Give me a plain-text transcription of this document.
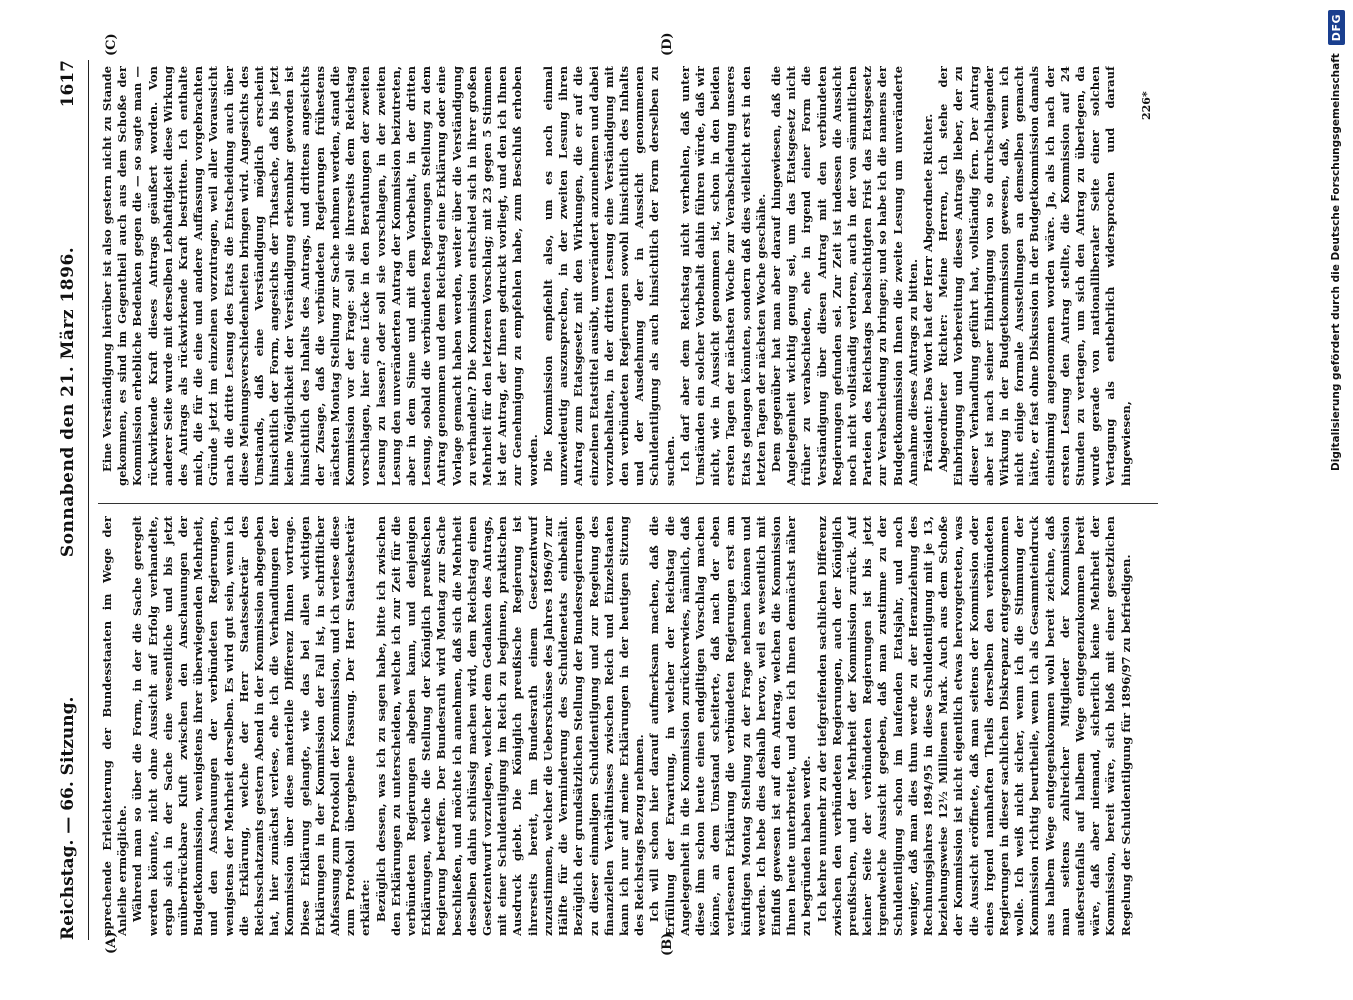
Reichstag. — 66. Sitzung.
Sonnabend den 21. März 1896.
1617
(A)	(B)
(C)	(D)

sprechende Erleichterung der Bundesstaaten im Wege der Anleihe ermögliche. Während man so über die Form, in der die Sache geregelt werden könnte, nicht ohne Aussicht auf Erfolg verhandelte, ergab sich in der Sache eine wesentliche und bis jetzt unüberbrückbare Kluft zwischen den Anschauungen der Budgetkommission, wenigstens ihrer überwiegenden Mehrheit, und den Anschauungen der verbündeten Regierungen, wenigstens der Mehrheit derselben. Es wird gut sein, wenn ich die Erklärung, welche der Herr Staatssekretär des Reichsschatzamts gestern Abend in der Kommission abgegeben hat, hier zunächst verlese, ehe ich die Verhandlungen der Kommission über diese materielle Differenz Ihnen vortrage. Diese Erklärung gelangte, wie das bei allen wichtigen Erklärungen in der Kommission der Fall ist, in schriftlicher Abfassung zum Protokoll der Kommission, und ich verlese diese zum Protokoll übergebene Fassung. Der Herr Staatssekretär erklärte: Bezüglich dessen, was ich zu sagen habe, bitte ich zwischen den Erklärungen zu unterscheiden, welche ich zur Zeit für die verbündeten Regierungen abgeben kann, und denjenigen Erklärungen, welche die Stellung der Königlich preußischen Regierung betreffen. Der Bundesrath wird Montag zur Sache beschließen, und möchte ich annehmen, daß sich die Mehrheit desselben dahin schlüssig machen wird, dem Reichstag einen Gesetzentwurf vorzulegen, welcher dem Gedanken des Antrags, mit einer Schuldentilgung im Reich zu beginnen, praktischen Ausdruck giebt. Die Königlich preußische Regierung ist ihrerseits bereit, im Bundesrath einem Gesetzentwurf zuzustimmen, welcher die Ueberschüsse des Jahres 1896/97 zur Hälfte für die Verminderung des Schuldenetats einbehält. Bezüglich der grundsätzlichen Stellung der Bundesregierungen zu dieser einmaligen Schuldentilgung und zur Regelung des finanziellen Verhältnisses zwischen Reich und Einzelstaaten kann ich nur auf meine Erklärungen in der heutigen Sitzung des Reichstags Bezug nehmen. Ich will schon hier darauf aufmerksam machen, daß die Erfüllung der Erwartung, in welcher der Reichstag die Angelegenheit in die Kommission zurückverwies, nämlich, daß diese ihm schon heute einen endgiltigen Vorschlag machen könne, an dem Umstand scheiterte, daß nach der eben verlesenen Erklärung die verbündeten Regierungen erst am künftigen Montag Stellung zu der Frage nehmen können und werden. Ich hebe dies deshalb hervor, weil es wesentlich mit Einfluß gewesen ist auf den Antrag, welchen die Kommission Ihnen heute unterbreitet, und den ich Ihnen demnächst näher zu begründen haben werde. Ich kehre nunmehr zu der tiefgreifenden sachlichen Differenz zwischen den verbündeten Regierungen, auch der Königlich preußischen, und der Mehrheit der Kommission zurück. Auf keiner Seite der verbündeten Regierungen ist bis jetzt irgendwelche Aussicht gegeben, daß man zustimme zu der Schuldentilgung schon im laufenden Etatsjahr, und noch weniger, daß man dies thun werde zu der Heranziehung des Rechnungsjahres 1894/95 in diese Schuldentilgung mit je 13, beziehungsweise 12½ Millionen Mark. Auch aus dem Schoße der Kommission ist nicht eigentlich etwas hervorgetreten, was die Aussicht eröffnete, daß man seitens der Kommission oder eines irgend namhaften Theils derselben den verbündeten Regierungen in dieser sachlichen Diskrepanz entgegenkommen wolle. Ich weiß nicht sicher, wenn ich die Stimmung der Kommission richtig beurtheile, wenn ich als Gesammteindruck aus halbem Wege entgegenkommen wohl bereit zeichne, daß man seitens zahlreicher Mitglieder der Kommission außerstenfalls auf halbem Wege entgegenzukommen bereit wäre, daß aber niemand, sicherlich keine Mehrheit der Kommission, bereit wäre, sich bloß mit einer gesetzlichen Regelung der Schuldentilgung für 1896/97 zu befriedigen.

Eine Verständigung hierüber ist also gestern nicht zu Stande gekommen, es sind im Gegentheil auch aus dem Schoße der Kommission erhebliche Bedenken gegen die — so sagte man — rückwirkende Kraft dieses Antrags geäußert worden. Von anderer Seite wurde mit derselben Lebhaftigkeit diese Wirkung des Antrags als rückwirkende Kraft bestritten. Ich enthalte mich, die für die eine und andere Auffassung vorgebrachten Gründe jetzt im einzelnen vorzutragen, weil aller Voraussicht nach die dritte Lesung des Etats die Entscheidung auch über diese Meinungsverschiedenheiten bringen wird. Angesichts des Umstands, daß eine Verständigung möglich erscheint hinsichtlich der Form, angesichts der Thatsache, daß bis jetzt keine Möglichkeit der Verständigung erkennbar geworden ist hinsichtlich des Inhalts des Antrags, und drittens angesichts der Zusage, daß die verbündeten Regierungen frühestens nächsten Montag Stellung zur Sache nehmen werden, stand die Kommission vor der Frage: soll sie ihrerseits dem Reichstag vorschlagen, hier eine Lücke in den Berathungen der zweiten Lesung zu lassen? oder soll sie vorschlagen, in der zweiten Lesung den unveränderten Antrag der Kommission beizutreten, aber in dem Sinne und mit dem Vorbehalt, in der dritten Lesung, sobald die verbündeten Regierungen Stellung zu dem Antrag genommen und dem Reichstag eine Erklärung oder eine Vorlage gemacht haben werden, weiter über die Verständigung zu verhandeln? Die Kommission entschied sich in ihrer großen Mehrheit für den letzteren Vorschlag; mit 23 gegen 5 Stimmen ist der Antrag, der Ihnen gedruckt vorliegt, und den ich Ihnen zur Genehmigung zu empfehlen habe, zum Beschluß erhoben worden. Die Kommission empfiehlt also, um es noch einmal unzweideutig auszusprechen, in der zweiten Lesung ihren Antrag zum Etatsgesetz mit den Wirkungen, die er auf die einzelnen Etatstitel ausübt, unverändert anzunehmen und dabei vorzubehalten, in der dritten Lesung eine Verständigung mit den verbündeten Regierungen sowohl hinsichtlich des Inhalts und der Ausdehnung der in Aussicht genommenen Schuldentilgung als auch hinsichtlich der Form derselben zu suchen. Ich darf aber dem Reichstag nicht verhehlen, daß unter Umständen ein solcher Vorbehalt dahin führen würde, daß wir nicht, wie in Aussicht genommen ist, schon in den beiden ersten Tagen der nächsten Woche zur Verabschiedung unseres Etats gelangen könnten, sondern daß dies vielleicht erst in den letzten Tagen der nächsten Woche geschähe. Dem gegenüber hat man aber darauf hingewiesen, daß die Angelegenheit wichtig genug sei, um das Etatsgesetz nicht früher zu verabschieden, ehe in irgend einer Form die Verständigung über diesen Antrag mit den verbündeten Regierungen gefunden sei. Zur Zeit ist indessen die Aussicht noch nicht vollständig verloren, auch in der von sämmtlichen Parteien des Reichstags beabsichtigten Frist das Etatsgesetz zur Verabschiedung zu bringen; und so habe ich die namens der Budgetkommission Ihnen die zweite Lesung um unveränderte Annahme dieses Antrags zu bitten. Präsident: Das Wort hat der Herr Abgeordnete Richter. Abgeordneter Richter: Meine Herren, ich stehe der Einbringung und Vorbereitung dieses Antrags lieber, der zu dieser Verhandlung geführt hat, vollständig fern. Der Antrag aber ist nach seiner Einbringung von so durchschlagender Wirkung in der Budgetkommission gewesen, daß, wenn ich nicht einige formale Ausstellungen an demselben gemacht hätte, er fast ohne Diskussion in der Budgetkommission damals einstimmig angenommen worden wäre. Ja, als ich nach der ersten Lesung den Antrag stellte, die Kommission auf 24 Stunden zu vertagen, um sich den Antrag zu überlegen, da wurde gerade von nationalliberaler Seite einer solchen Vertagung als entbehrlich widersprochen und darauf hingewiesen,

226*	Digitalisierung gefördert durch die Deutsche Forschungsgemeinschaft
DFG
